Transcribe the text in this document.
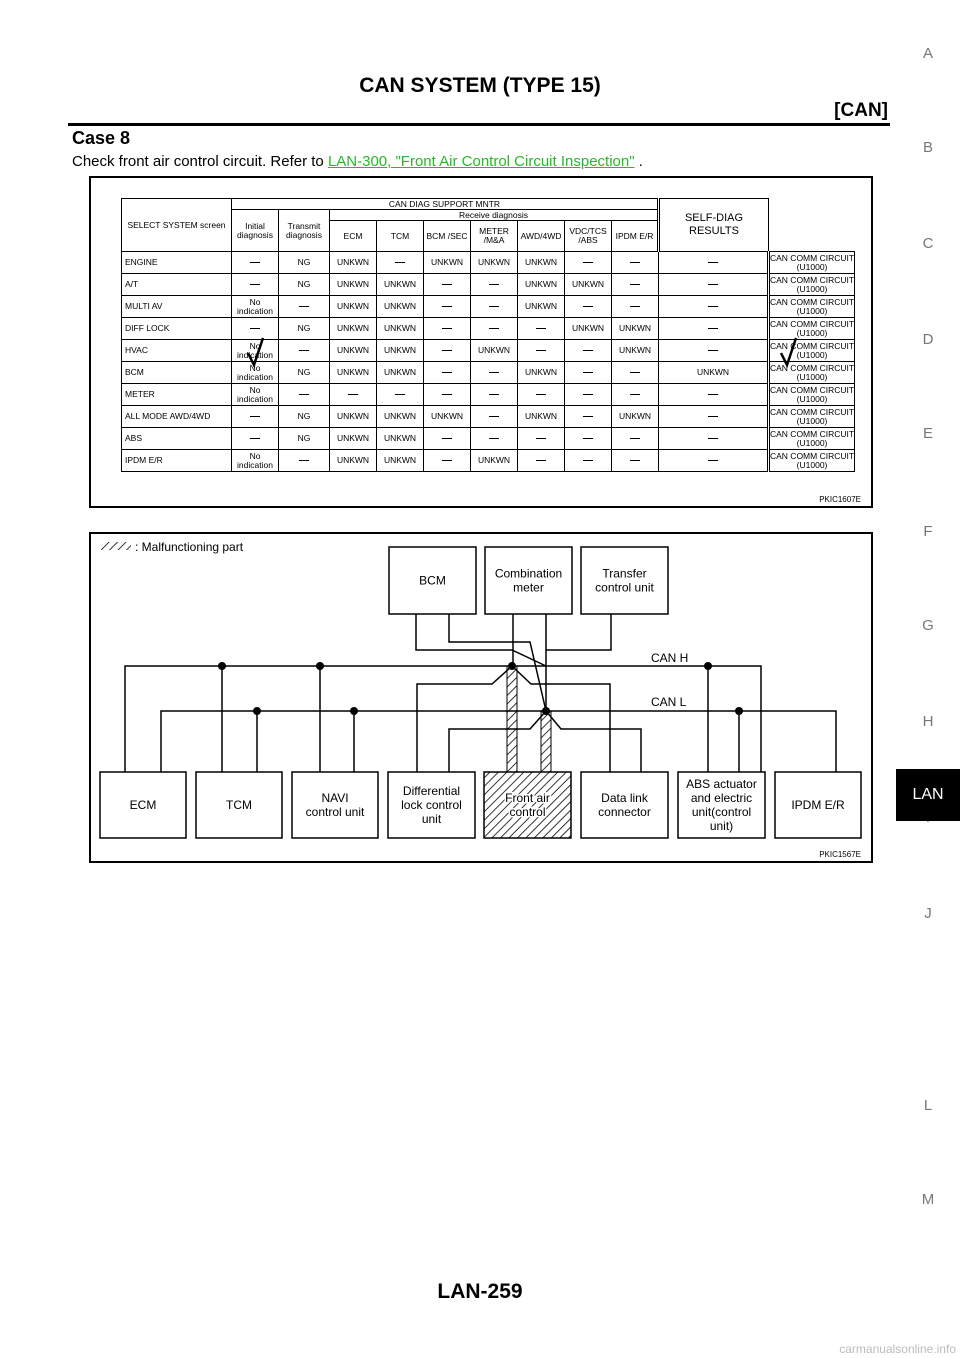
CAN SYSTEM (TYPE 15)
[CAN]
Case 8
Check front air control circuit. Refer to LAN-300, "Front Air Control Circuit Inspection" .
A
B
C
D
E
F
G
H
J
L
M
LAN
SELECT SYSTEM screen	CAN DIAG SUPPORT MNTR									SELF-DIAG RESULTS	
	Initial diagnosis	Transmit diagnosis	Receive diagnosis								
			ECM	TCM	BCM /SEC	METER /M&A	AWD/4WD	VDC/TCS /ABS	IPDM E/R		
ENGINE	—	NG	UNKWN	—	UNKWN	UNKWN	UNKWN	—	—	—	CAN COMM CIRCUIT
(U1000)

A/T	—	NG	UNKWN	UNKWN	—	—	UNKWN	UNKWN	—	—	CAN COMM CIRCUIT
(U1000)

MULTI AV	No indication	—	UNKWN	UNKWN	—	—	UNKWN	—	—	—	CAN COMM CIRCUIT
(U1000)

DIFF LOCK	—	NG	UNKWN	UNKWN	—	—	—	UNKWN	UNKWN	—	CAN COMM CIRCUIT
(U1000)

HVAC	No indication	—	UNKWN	UNKWN	—	UNKWN	—	—	UNKWN	—	CAN COMM CIRCUIT
(U1000)

BCM	No indication	NG	UNKWN	UNKWN	—	—	UNKWN	—	—	UNKWN	CAN COMM CIRCUIT
(U1000)

METER	No indication	—	—	—	—	—	—	—	—	—	CAN COMM CIRCUIT
(U1000)

ALL MODE AWD/4WD	—	NG	UNKWN	UNKWN	UNKWN	—	UNKWN	—	UNKWN	—	CAN COMM CIRCUIT
(U1000)

ABS	—	NG	UNKWN	UNKWN	—	—	—	—	—	—	CAN COMM CIRCUIT
(U1000)

IPDM E/R	No indication	—	UNKWN	UNKWN	—	UNKWN	—	—	—	—	CAN COMM CIRCUIT
(U1000)
PKIC1607E
: Malfunctioning part
CAN H
CAN L
BCM	Combination
meter
Transfer
control unit
ECM	TCM	NAVI
control unit
Differential
lock control
unit
Front air
control
Data link
connector
ABS actuator
and electric
unit(control
unit)
IPDM E/R
PKIC1567E
LAN-259
carmanualsonline.info
